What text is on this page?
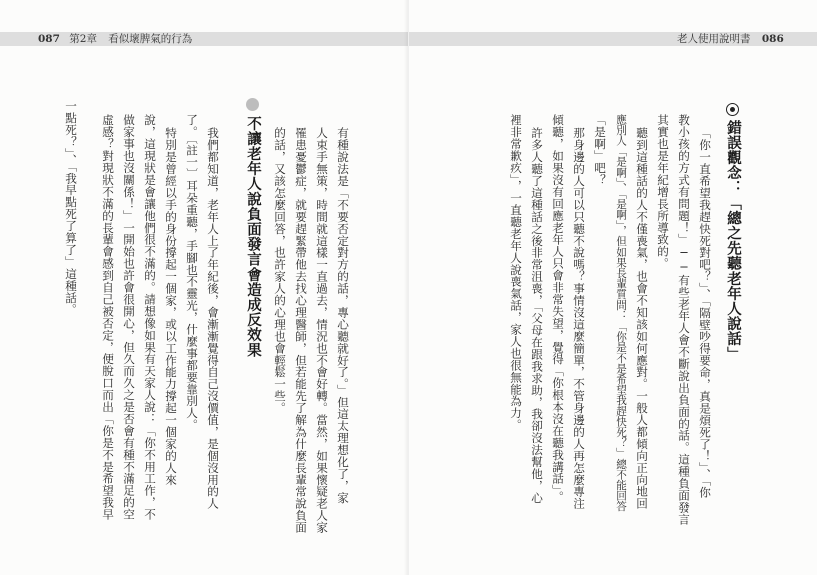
087 第2章 看似壞脾氣的行為
有種說法是「不要否定對方的話，專心聽就好了。」但這太理想化了，家
人束手無策，時間就這樣一直過去，情況也不會好轉。當然，如果懷疑老人家
罹患憂鬱症，就要趕緊帶他去找心理醫師，但若能先了解為什麼長輩常說負面
的話，又該怎麼回答，也許家人的心理也會輕鬆一些。
不讓老年人說負面發言會造成反效果
我們都知道，老年人上了年紀後，會漸漸覺得自己沒價值，是個沒用的人
了。〔註一〕耳朵重聽，手腳也不靈光，什麼事都要靠別人。
特別是曾經以手的身份撐起一個家，或以工作能力撐起一個家的人來
說，這現狀是會讓他們很不滿的。請想像如果有天家人說：「你不用工作，不
做家事也沒關係！」一開始也許會很開心，但久而久之是否會有種不滿足的空
虛感？對現狀不滿的長輩會感到自己被否定，便脫口而出「你是不是希望我早
一點死？」、「我早點死了算了」這種話。
老人使用說明書 086
錯誤觀念：「總之先聽老年人說話」
「你一直希望我趕快死對吧？」、「隔壁吵得要命，真是煩死了！」、「你
教小孩的方式有問題！」──有些老年人會不斷說出負面的話。這種負面發言
其實也是年紀增長所導致的。
聽到這種話的人不僅喪氣，也會不知該如何應對。一般人都傾向正向地回
應別人「是啊」、「是啊」，但如果長輩質問：「你是不是希望我趕快死？」總不能回答
「是啊」吧？
那身邊的人可以只聽不說嗎？事情沒這麼簡單，不管身邊的人再怎麼專注
傾聽，如果沒有回應老年人只會非常失望，覺得「你根本沒在聽我講話」。
許多人聽了這種話之後非常沮喪，「父母在跟我求助，我卻沒法幫他，心
裡非常歉疚」，一直聽老年人說喪氣話，家人也很無能為力。
